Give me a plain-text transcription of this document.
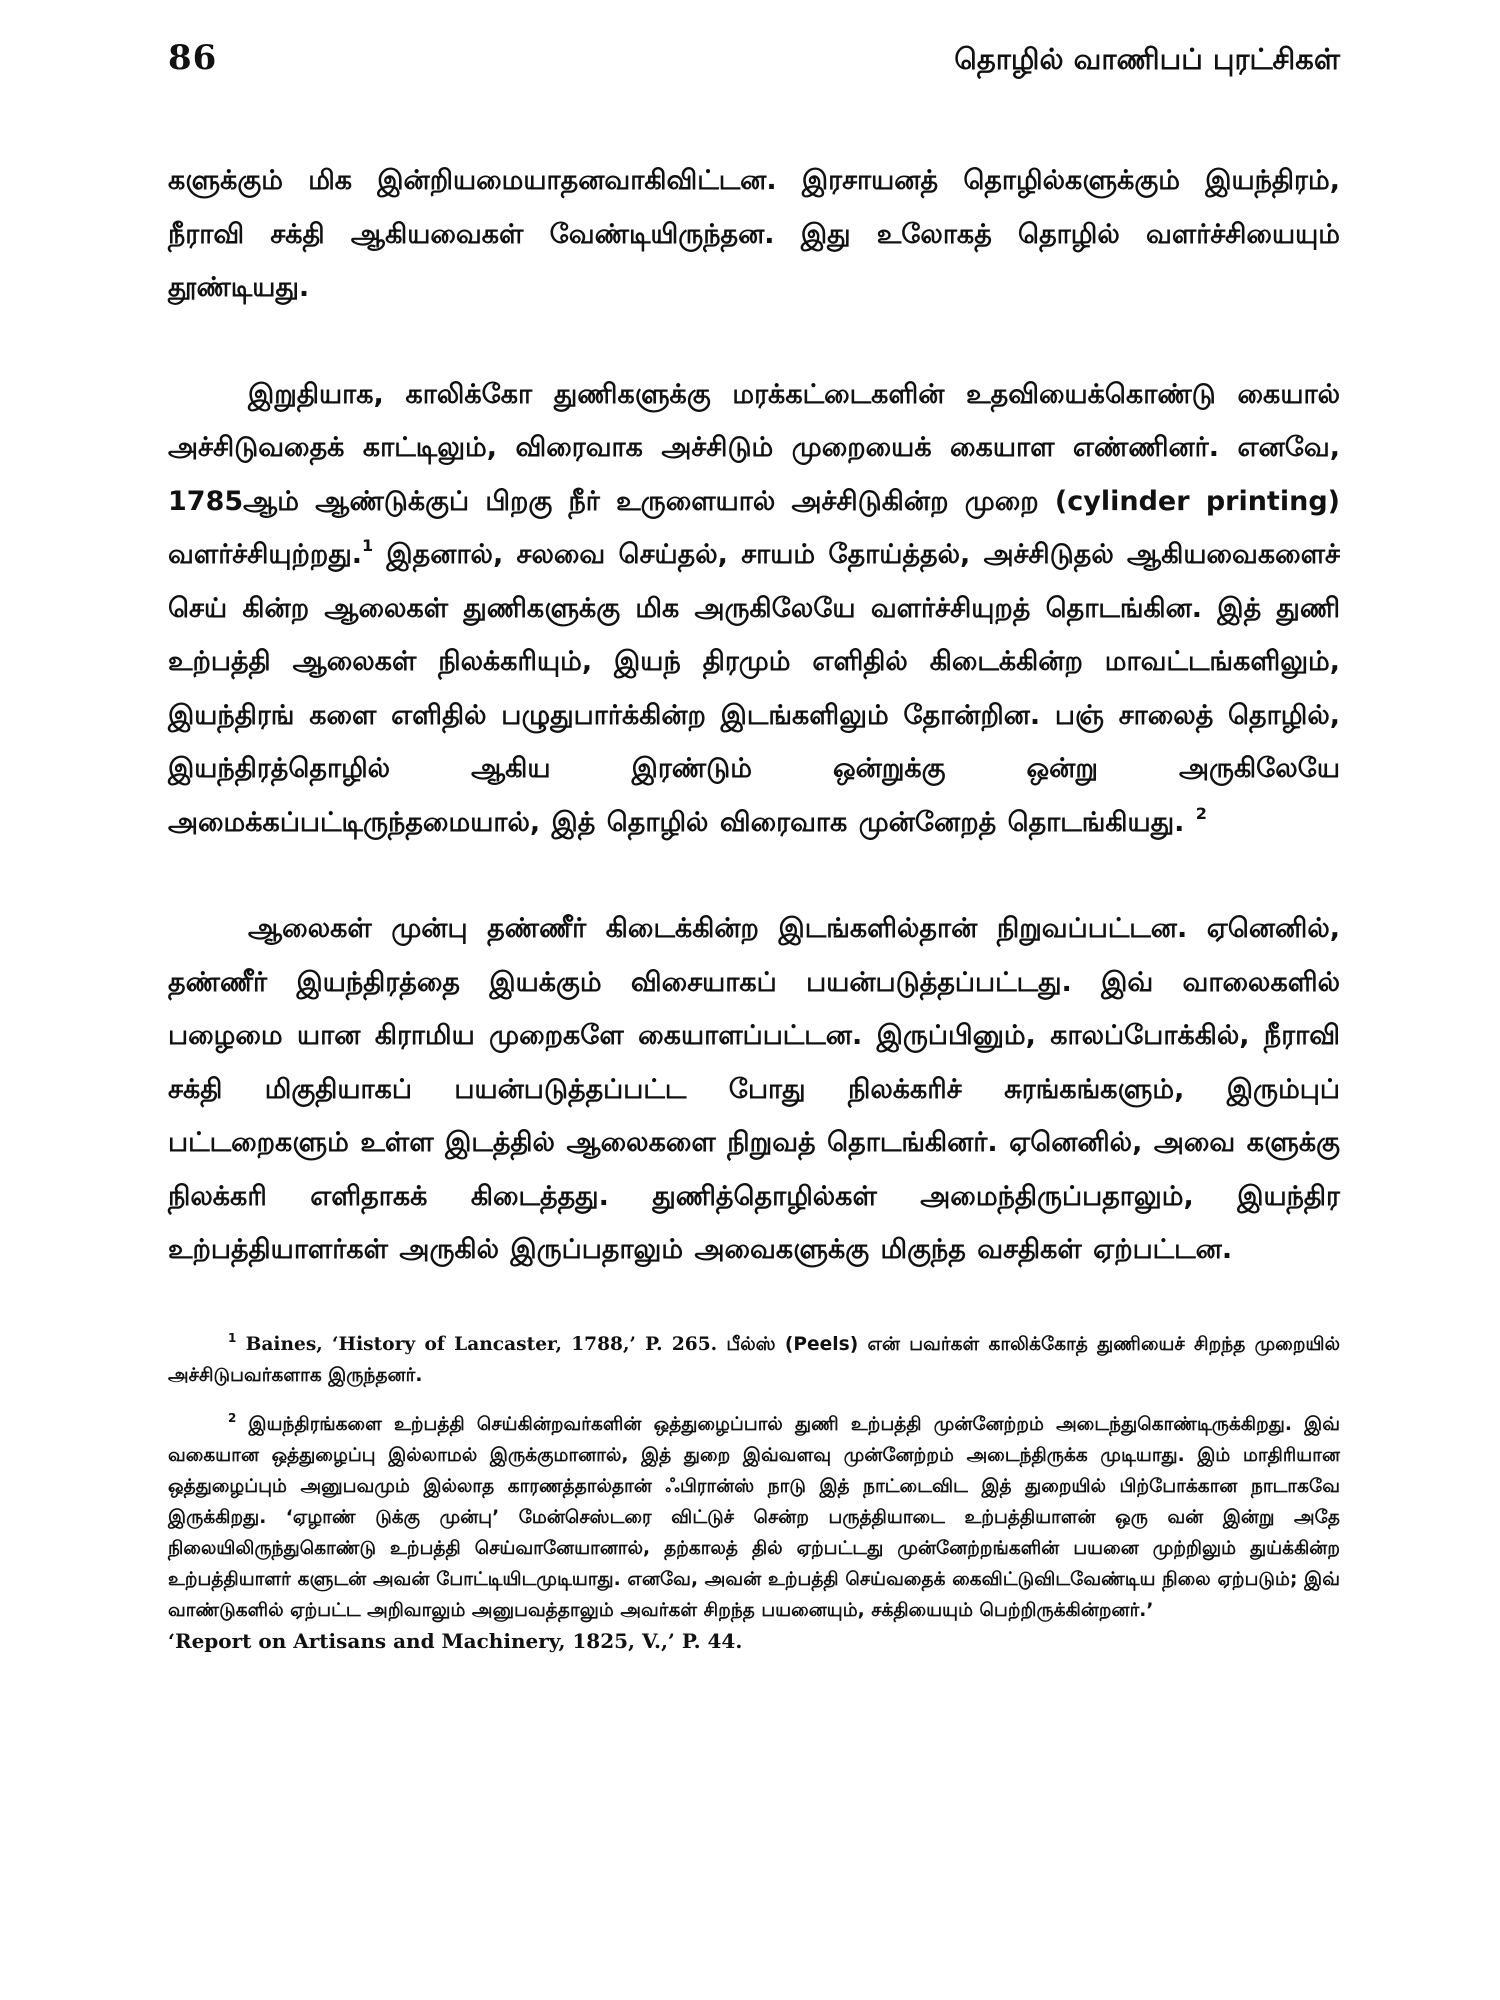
86	தொழில் வாணிபப் புரட்சிகள்

களுக்கும் மிக இன்றியமையாதனவாகிவிட்டன. இரசாயனத் தொழில்களுக்கும் இயந்திரம், நீராவி சக்தி ஆகியவைகள் வேண்டியிருந்தன. இது உலோகத் தொழில் வளர்ச்சியையும் தூண்டியது.

இறுதியாக, காலிக்கோ துணிகளுக்கு மரக்கட்டைகளின் உதவியைக்கொண்டு கையால் அச்சிடுவதைக் காட்டிலும், விரைவாக அச்சிடும் முறையைக் கையாள எண்ணினர். எனவே, 1785ஆம் ஆண்டுக்குப் பிறகு நீர் உருளையால் அச்சிடுகின்ற முறை (cylinder printing) வளர்ச்சியுற்றது.$^1$ இதனால், சலவை செய்தல், சாயம் தோய்த்தல், அச்சிடுதல் ஆகியவைகளைச் செய் கின்ற ஆலைகள் துணிகளுக்கு மிக அருகிலேயே வளர்ச்சியுறத் தொடங்கின. இத் துணி உற்பத்தி ஆலைகள் நிலக்கரியும், இயந் திரமும் எளிதில் கிடைக்கின்ற மாவட்டங்களிலும், இயந்திரங் களை எளிதில் பழுதுபார்க்கின்ற இடங்களிலும் தோன்றின. பஞ் சாலைத் தொழில், இயந்திரத்தொழில் ஆகிய இரண்டும் ஒன்றுக்கு ஒன்று அருகிலேயே அமைக்கப்பட்டிருந்தமையால், இத் தொழில் விரைவாக முன்னேறத் தொடங்கியது. $^2$

ஆலைகள் முன்பு தண்ணீர் கிடைக்கின்ற இடங்களில்தான் நிறுவப்பட்டன. ஏனெனில், தண்ணீர் இயந்திரத்தை இயக்கும் விசையாகப் பயன்படுத்தப்பட்டது. இவ் வாலைகளில் பழைமை யான கிராமிய முறைகளே கையாளப்பட்டன. இருப்பினும், காலப்போக்கில், நீராவி சக்தி மிகுதியாகப் பயன்படுத்தப்பட்ட போது நிலக்கரிச் சுரங்கங்களும், இரும்புப் பட்டறைகளும் உள்ள இடத்தில் ஆலைகளை நிறுவத் தொடங்கினர். ஏனெனில், அவை களுக்கு நிலக்கரி எளிதாகக் கிடைத்தது. துணித்தொழில்கள் அமைந்திருப்பதாலும், இயந்திர உற்பத்தியாளர்கள் அருகில் இருப்பதாலும் அவைகளுக்கு மிகுந்த வசதிகள் ஏற்பட்டன.

$^1$ Baines, ‘History of Lancaster, 1788,’ P. 265. பீல்ஸ் (Peels) என் பவர்கள் காலிக்கோத் துணியைச் சிறந்த முறையில் அச்சிடுபவர்களாக இருந்தனர்.

$^2$ இயந்திரங்களை உற்பத்தி செய்கின்றவர்களின் ஒத்துழைப்பால் துணி உற்பத்தி முன்னேற்றம் அடைந்துகொண்டிருக்கிறது. இவ் வகையான ஒத்துழைப்பு இல்லாமல் இருக்குமானால், இத் துறை இவ்வளவு முன்னேற்றம் அடைந்திருக்க முடியாது. இம் மாதிரியான ஒத்துழைப்பும் அனுபவமும் இல்லாத காரணத்தால்தான் ஃபிரான்ஸ் நாடு இத் நாட்டைவிட இத் துறையில் பிற்போக்கான நாடாகவே இருக்கிறது. ‘ஏழாண் டுக்கு முன்பு’ மேன்செஸ்டரை விட்டுச் சென்ற பருத்தியாடை உற்பத்தியாளன் ஒரு வன் இன்று அதே நிலையிலிருந்துகொண்டு உற்பத்தி செய்வானேயானால், தற்காலத் தில் ஏற்பட்டது முன்னேற்றங்களின் பயனை முற்றிலும் துய்க்கின்ற உற்பத்தியாளர் களுடன் அவன் போட்டியிடமுடியாது. எனவே, அவன் உற்பத்தி செய்வதைக் கைவிட்டுவிடவேண்டிய நிலை ஏற்படும்; இவ் வாண்டுகளில் ஏற்பட்ட அறிவாலும் அனுபவத்தாலும் அவர்கள் சிறந்த பயனையும், சக்தியையும் பெற்றிருக்கின்றனர்.’

‘Report on Artisans and Machinery, 1825, V.,’ P. 44.
